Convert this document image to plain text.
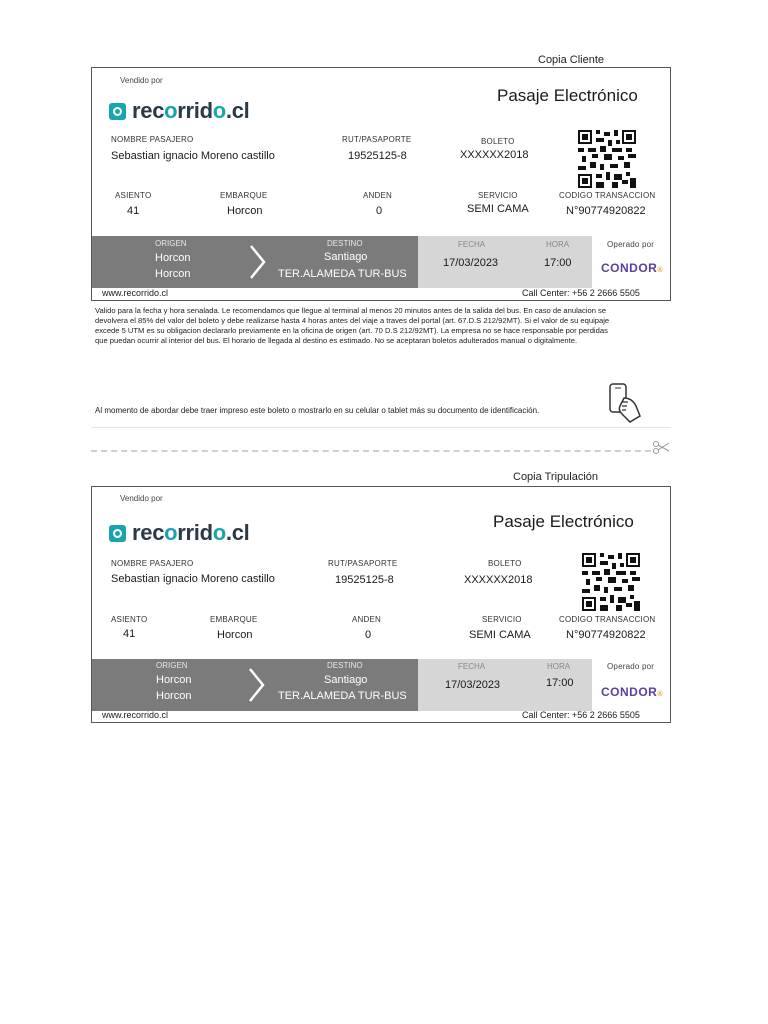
Copia Cliente
Vendido por
recorrido.cl
Pasaje Electrónico
NOMBRE PASAJERO
Sebastian ignacio Moreno castillo
RUT/PASAPORTE
19525125-8
BOLETO
XXXXXX2018
ASIENTO
41
EMBARQUE
Horcon
ANDEN
0
SERVICIO
SEMI CAMA
CODIGO TRANSACCION
N°90774920822
ORIGEN
Horcon
Horcon
DESTINO
Santiago
TER.ALAMEDA TUR-BUS
FECHA
17/03/2023
HORA
17:00
Operado por
CONDOR®
www.recorrido.cl	Call Center: +56 2 2666 5505
Valido para la fecha y hora senalada. Le recomendamos que llegue al terminal al menos 20 minutos antes de la salida del bus. En caso de anulacion se devolvera el 85% del valor del boleto y debe realizarse hasta 4 horas antes del viaje a traves del portal (art. 67.D.S 212/92MT). Si el valor de su equipaje excede 5 UTM es su obligacion declararlo previamente en la oficina de origen (art. 70 D.S 212/92MT). La empresa no se hace responsable por perdidas que puedan ocurrir al interior del bus. El horario de llegada al destino es estimado. No se aceptaran boletos adulterados manual o digitalmente.
Al momento de abordar debe traer impreso este boleto o mostrarlo en su celular o tablet más su documento de identificación.
Copia Tripulación
Vendido por
recorrido.cl	Pasaje Electrónico
NOMBRE PASAJERO
Sebastian ignacio Moreno castillo
RUT/PASAPORTE
19525125-8
BOLETO
XXXXXX2018
ASIENTO
41
EMBARQUE
Horcon
ANDEN
0
SERVICIO
SEMI CAMA
CODIGO TRANSACCION
N°90774920822
ORIGEN
Horcon
Horcon
DESTINO
Santiago
TER.ALAMEDA TUR-BUS
FECHA
17/03/2023
HORA
17:00
Operado por
CONDOR®
www.recorrido.cl	Call Center: +56 2 2666 5505
